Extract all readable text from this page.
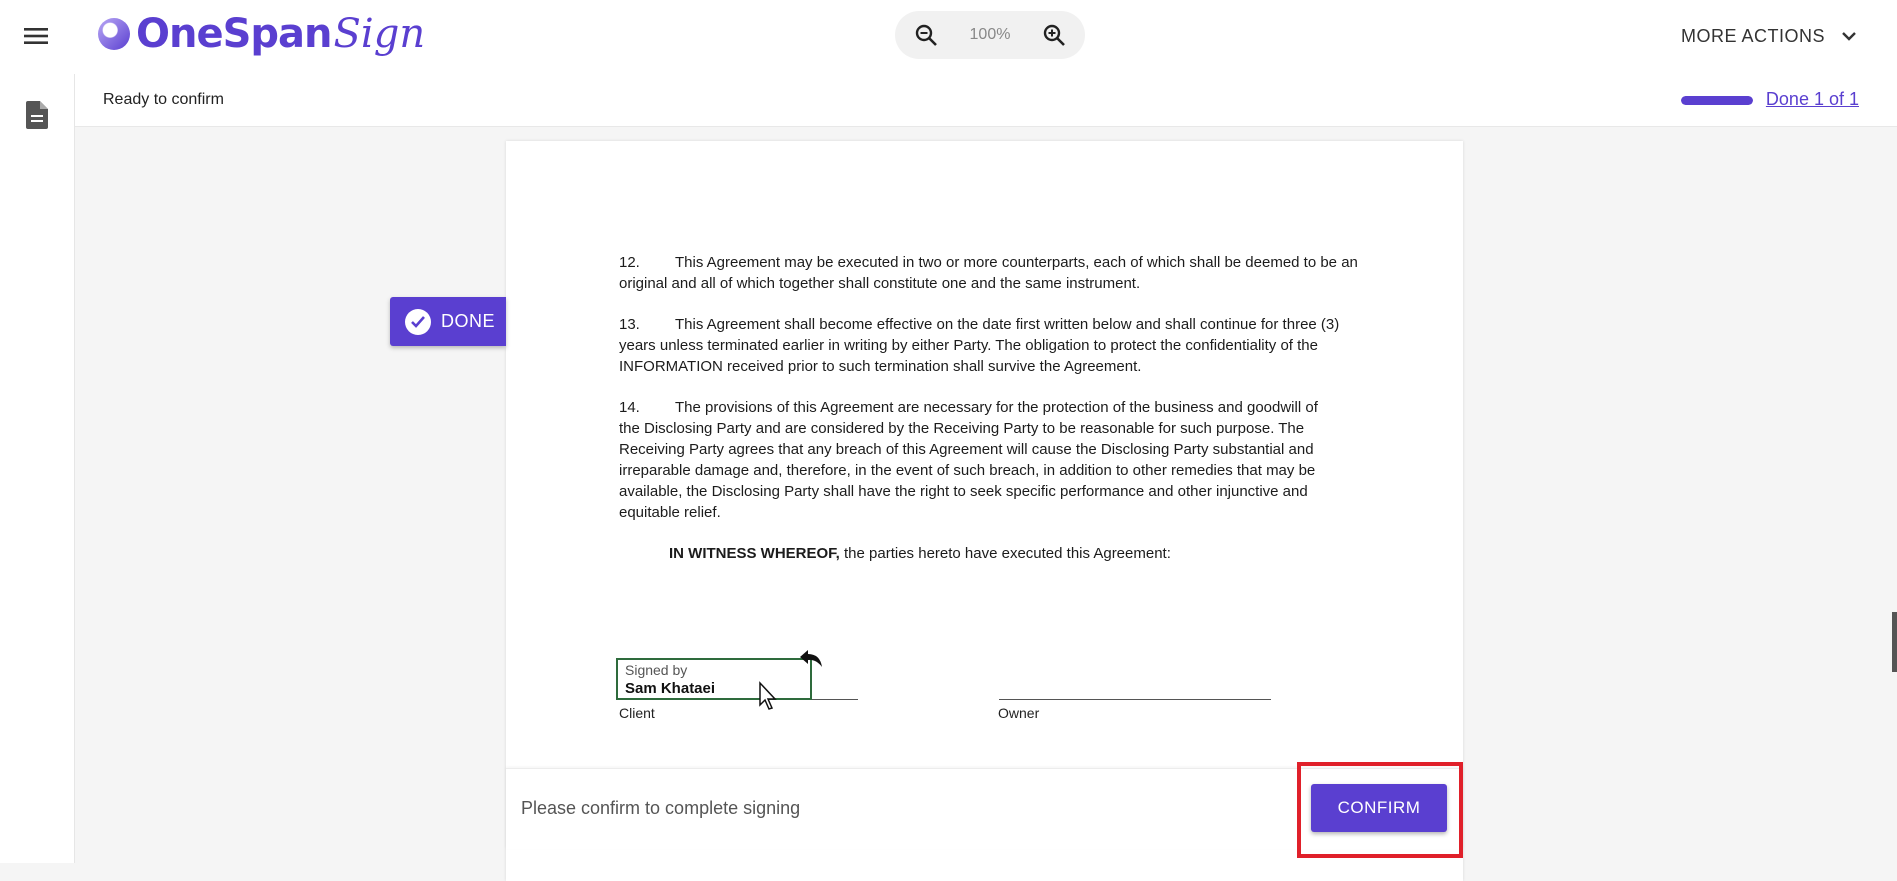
OneSpan Sign	100%	MORE ACTIONS
Ready to confirm	Done 1 of 1

12. This Agreement may be executed in two or more counterparts, each of which shall be deemed to be an original and all of which together shall constitute one and the same instrument.

13. This Agreement shall become effective on the date first written below and shall continue for three (3) years unless terminated earlier in writing by either Party. The obligation to protect the confidentiality of the INFORMATION received prior to such termination shall survive the Agreement.

14. The provisions of this Agreement are necessary for the protection of the business and goodwill of
the Disclosing Party and are considered by the Receiving Party to be reasonable for such purpose. The Receiving Party agrees that any breach of this Agreement will cause the Disclosing Party substantial and irreparable damage and, therefore, in the event of such breach, in addition to other remedies that may be available, the Disclosing Party shall have the right to seek specific performance and other injunctive and equitable relief.

IN WITNESS WHEREOF, the parties hereto have executed this Agreement:

Signed by
Sam Khataei
Client	Owner
DONE
Please confirm to complete signing	CONFIRM
